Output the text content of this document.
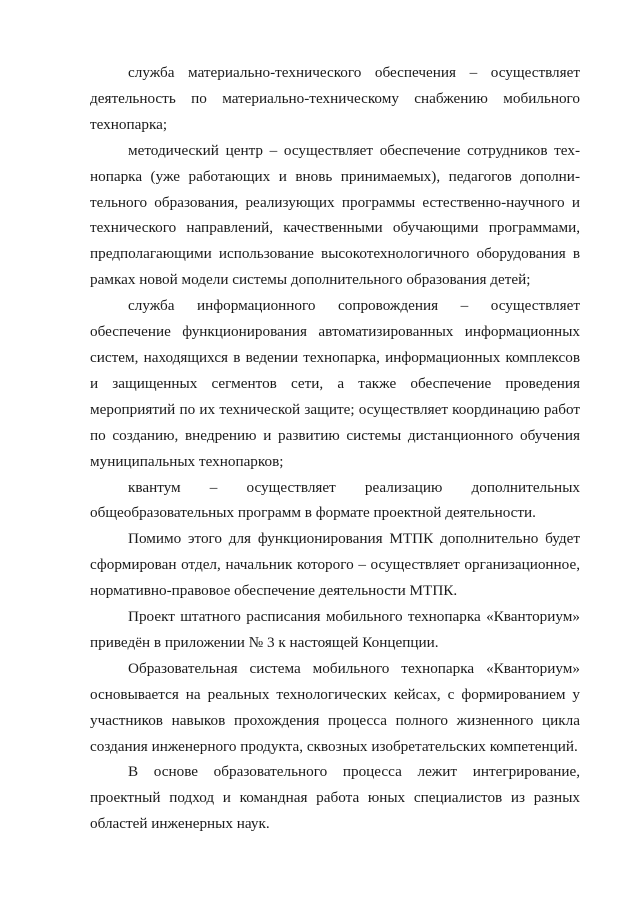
служба материально-технического обеспечения – осуществляет деятельность по материально-техническому снабжению мобильного технопарка;

методический центр – осуществляет обеспечение сотрудников технопарка (уже работающих и вновь принимаемых), педагогов дополнительного образования, реализующих программы естественно-научного и технического направлений, качественными обучающими программами, предполагающими использование высокотехнологичного оборудования в рамках новой модели системы дополнительного образования детей;

служба информационного сопровождения – осуществляет обеспечение функционирования автоматизированных информационных систем, находящихся в ведении технопарка, информационных комплексов и защищенных сегментов сети, а также обеспечение проведения мероприятий по их технической защите; осуществляет координацию работ по созданию, внедрению и развитию системы дистанционного обучения муниципальных технопарков;

квантум – осуществляет реализацию дополнительных общеобразовательных программ в формате проектной деятельности.

Помимо этого для функционирования МТПК дополнительно будет сформирован отдел, начальник которого – осуществляет организационное, нормативно-правовое обеспечение деятельности МТПК.

Проект штатного расписания мобильного технопарка «Кванториум» приведён в приложении № 3 к настоящей Концепции.

Образовательная система мобильного технопарка «Кванториум» основывается на реальных технологических кейсах, с формированием у участников навыков прохождения процесса полного жизненного цикла создания инженерного продукта, сквозных изобретательских компетенций.

В основе образовательного процесса лежит интегрирование, проектный подход и командная работа юных специалистов из разных областей инженерных наук.
